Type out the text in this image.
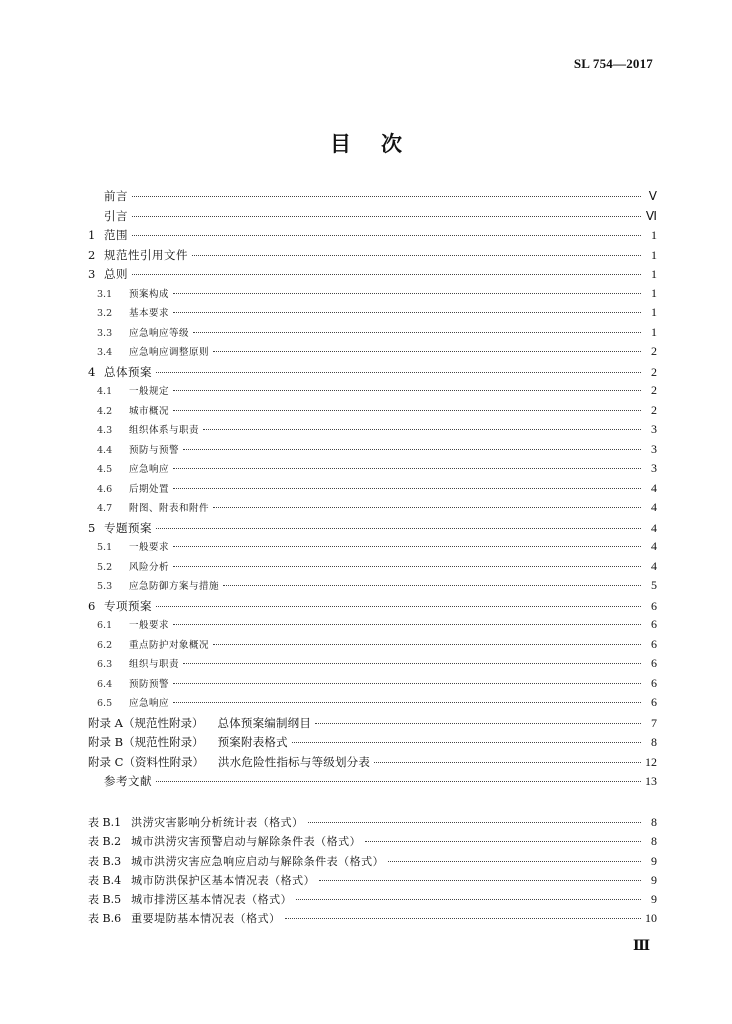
SL 754—2017
目次
前言	Ⅴ
引言	Ⅵ
1 范围	1
2 规范性引用文件	1
3 总则	1
3.1	预案构成	1
3.2	基本要求	1
3.3	应急响应等级	1
3.4	应急响应调整原则	2
4 总体预案	2
4.1	一般规定	2
4.2	城市概况	2
4.3	组织体系与职责	3
4.4	预防与预警	3
4.5	应急响应	3
4.6	后期处置	4
4.7	附图、附表和附件	4
5 专题预案	4
5.1	一般要求	4
5.2	风险分析	4
5.3	应急防御方案与措施	5
6 专项预案	6
6.1	一般要求	6
6.2	重点防护对象概况	6
6.3	组织与职责	6
6.4	预防预警	6
6.5	应急响应	6
附录 A（规范性附录） 总体预案编制纲目	7
附录 B（规范性附录） 预案附表格式	8
附录 C（资料性附录） 洪水危险性指标与等级划分表	12
参考文献	13
表 B.1 洪涝灾害影响分析统计表（格式）	8
表 B.2 城市洪涝灾害预警启动与解除条件表（格式）	8
表 B.3 城市洪涝灾害应急响应启动与解除条件表（格式）	9
表 B.4 城市防洪保护区基本情况表（格式）	9
表 B.5 城市排涝区基本情况表（格式）	9
表 B.6 重要堤防基本情况表（格式）	10
Ⅲ
